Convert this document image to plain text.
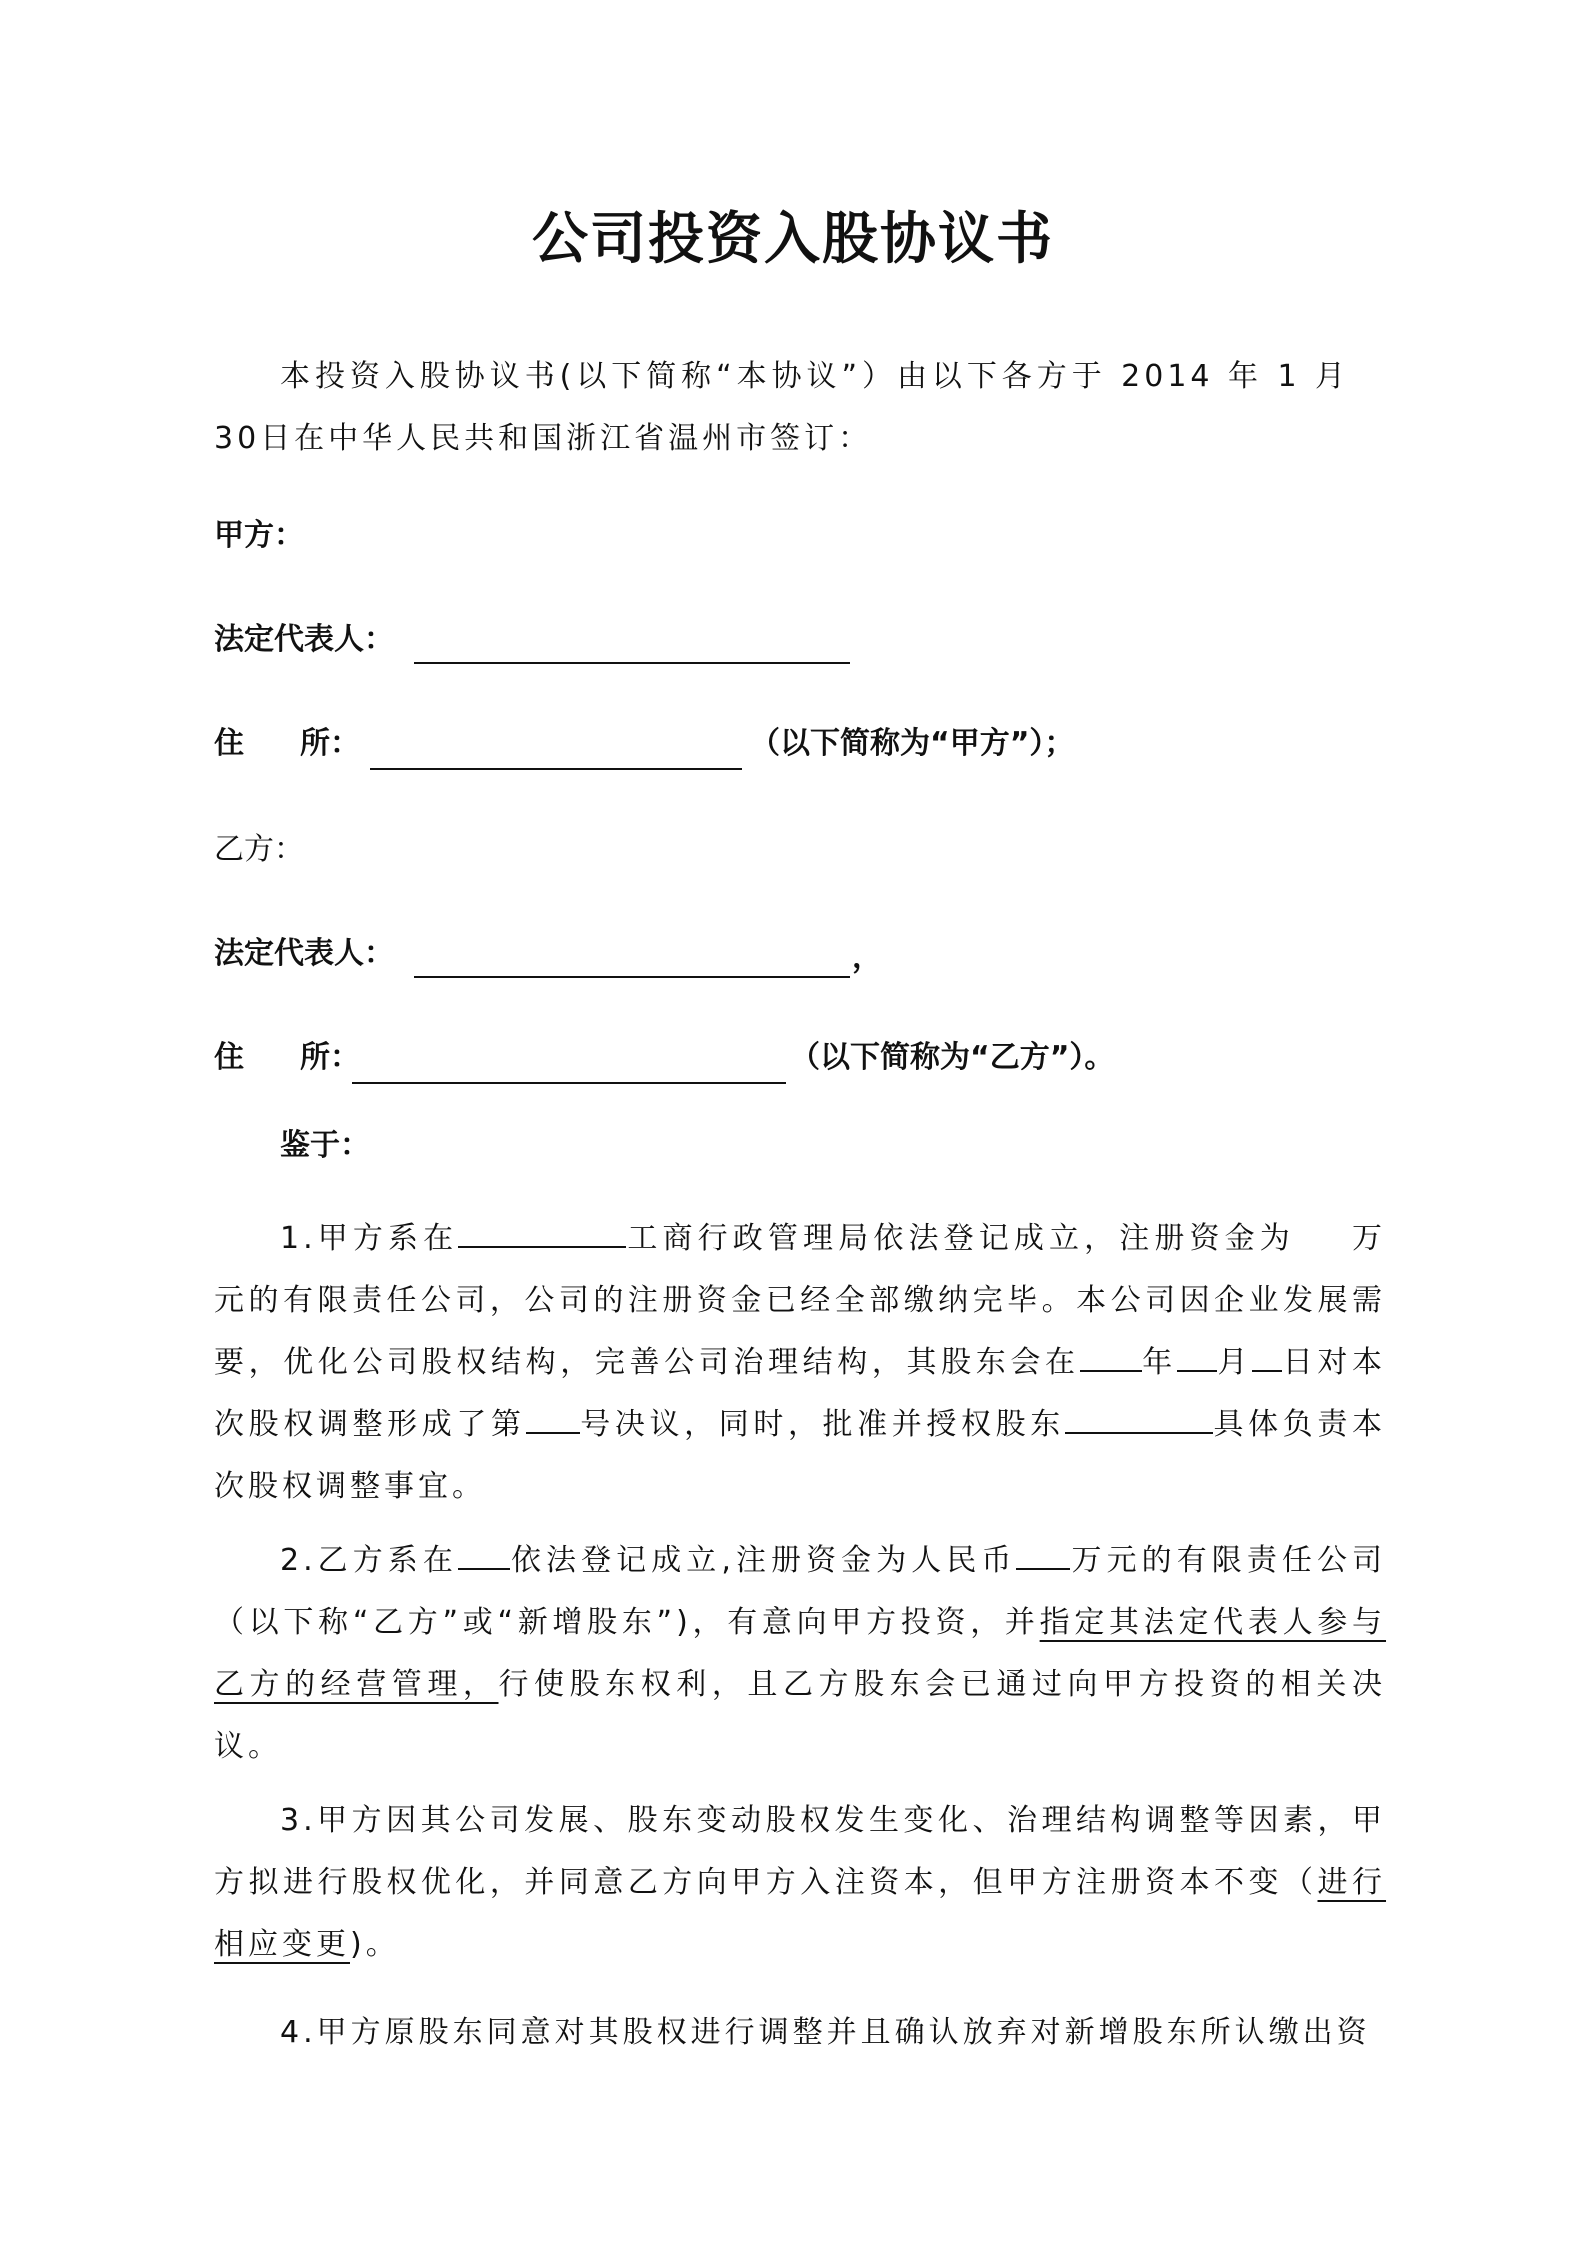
公司投资入股协议书
本投资入股协议书(以下简称“本协议”）由以下各方于 2014 年 1 月30日在中华人民共和国浙江省温州市签订：
甲方：
法定代表人：
住 所：	（以下简称为“甲方”）；
乙方：
法定代表人：	，
住 所：	（以下简称为“乙方”）。
鉴于：
1.甲方系在	工商行政管理局依法登记成立，注册资金为 万元的有限责任公司，公司的注册资金已经全部缴纳完毕。本公司因企业发展需要，优化公司股权结构，完善公司治理结构，其股东会在 年 月 日对本次股权调整形成了第 号决议，同时，批准并授权股东	具体负责本次股权调整事宜。
2.乙方系在 依法登记成立,注册资金为人民币 万元的有限责任公司（以下称“乙方”或“新增股东”)，有意向甲方投资，并指定其法定代表人参与乙方的经营管理，行使股东权利，且乙方股东会已通过向甲方投资的相关决议。
3.甲方因其公司发展、股东变动股权发生变化、治理结构调整等因素，甲方拟进行股权优化，并同意乙方向甲方入注资本，但甲方注册资本不变（进行相应变更)。
4.甲方原股东同意对其股权进行调整并且确认放弃对新增股东所认缴出资
